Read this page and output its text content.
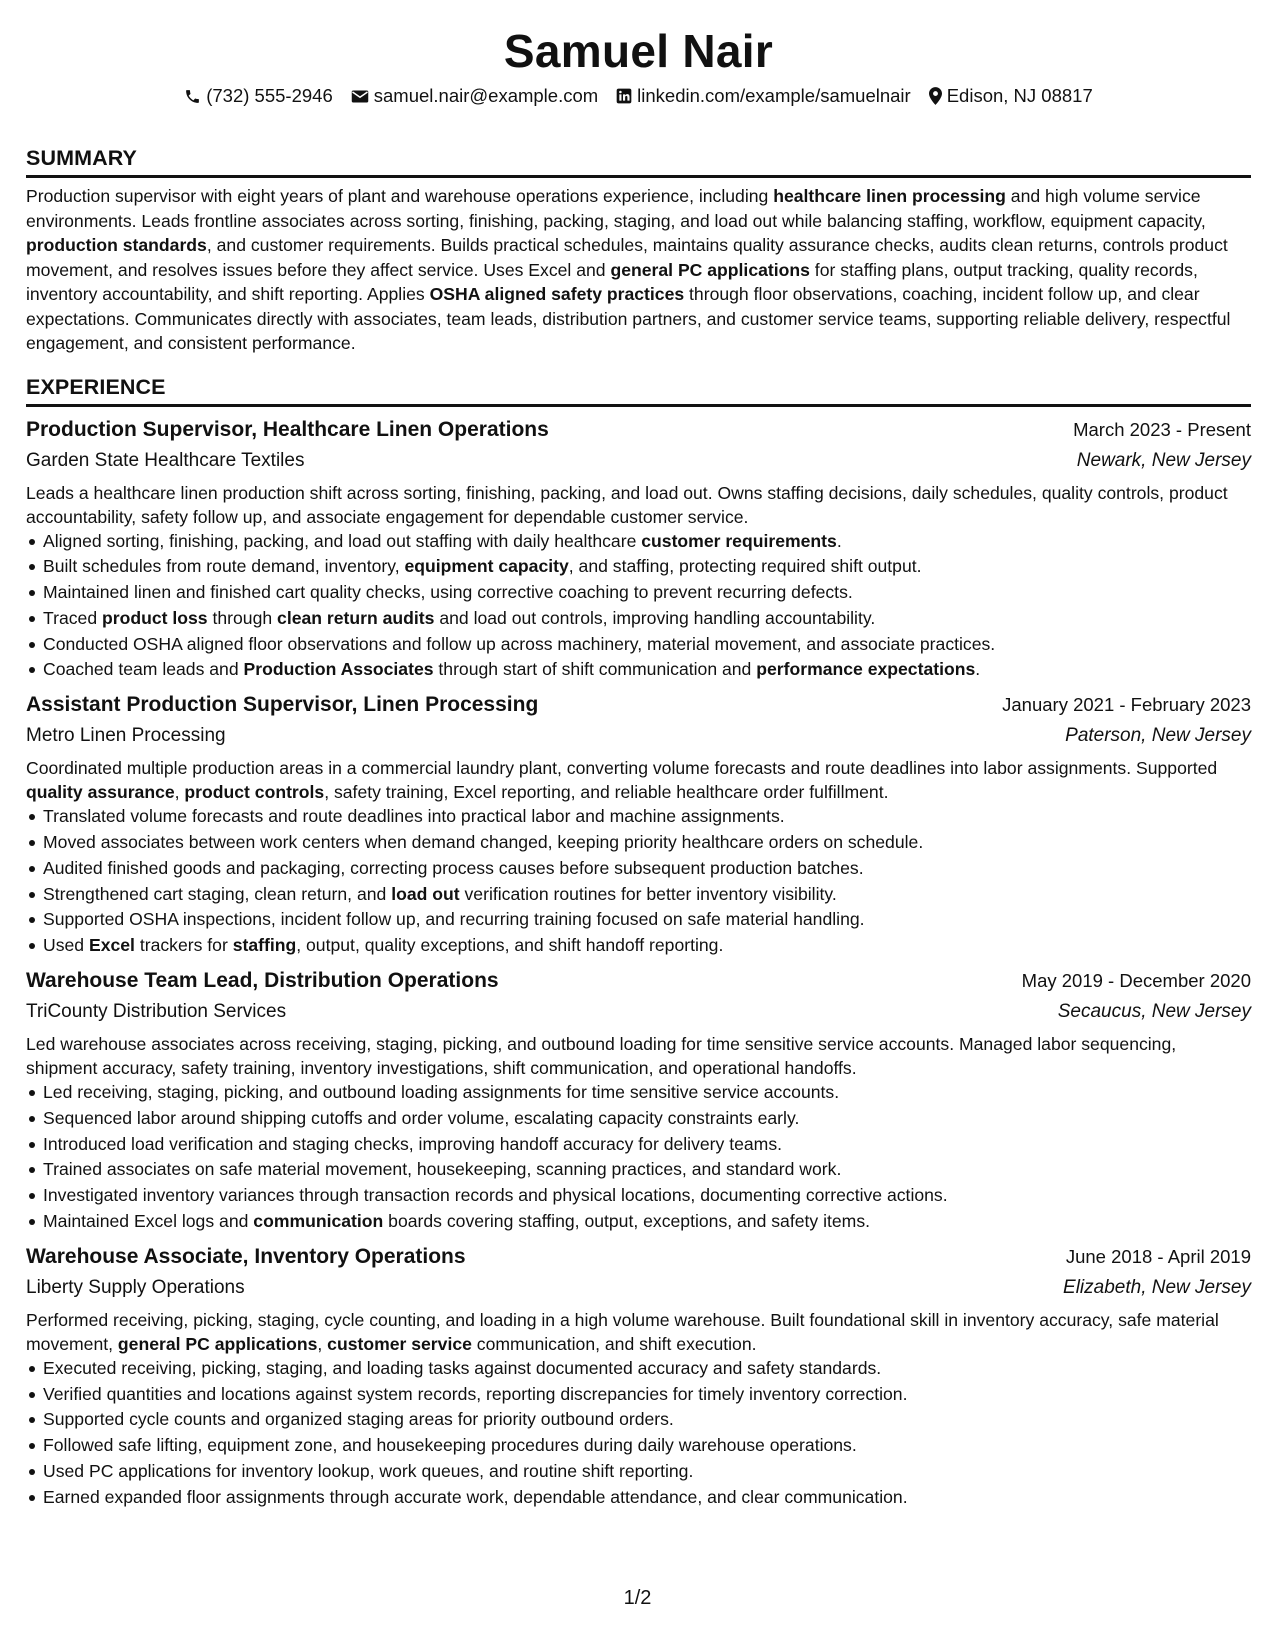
Samuel Nair
(732) 555-2946 samuel.nair@example.com linkedin.com/example/samuelnair Edison, NJ 08817
SUMMARY
Production supervisor with eight years of plant and warehouse operations experience, including healthcare linen processing and high volume service environments. Leads frontline associates across sorting, finishing, packing, staging, and load out while balancing staffing, workflow, equipment capacity, production standards, and customer requirements. Builds practical schedules, maintains quality assurance checks, audits clean returns, controls product movement, and resolves issues before they affect service. Uses Excel and general PC applications for staffing plans, output tracking, quality records, inventory accountability, and shift reporting. Applies OSHA aligned safety practices through floor observations, coaching, incident follow up, and clear expectations. Communicates directly with associates, team leads, distribution partners, and customer service teams, supporting reliable delivery, respectful engagement, and consistent performance.
EXPERIENCE
Production Supervisor, Healthcare Linen Operations	March 2023 - Present
Garden State Healthcare Textiles	Newark, New Jersey
Leads a healthcare linen production shift across sorting, finishing, packing, and load out. Owns staffing decisions, daily schedules, quality controls, product accountability, safety follow up, and associate engagement for dependable customer service.
Aligned sorting, finishing, packing, and load out staffing with daily healthcare customer requirements.
Built schedules from route demand, inventory, equipment capacity, and staffing, protecting required shift output.
Maintained linen and finished cart quality checks, using corrective coaching to prevent recurring defects.
Traced product loss through clean return audits and load out controls, improving handling accountability.
Conducted OSHA aligned floor observations and follow up across machinery, material movement, and associate practices.
Coached team leads and Production Associates through start of shift communication and performance expectations.
Assistant Production Supervisor, Linen Processing	January 2021 - February 2023
Metro Linen Processing	Paterson, New Jersey
Coordinated multiple production areas in a commercial laundry plant, converting volume forecasts and route deadlines into labor assignments. Supported quality assurance, product controls, safety training, Excel reporting, and reliable healthcare order fulfillment.
Translated volume forecasts and route deadlines into practical labor and machine assignments.
Moved associates between work centers when demand changed, keeping priority healthcare orders on schedule.
Audited finished goods and packaging, correcting process causes before subsequent production batches.
Strengthened cart staging, clean return, and load out verification routines for better inventory visibility.
Supported OSHA inspections, incident follow up, and recurring training focused on safe material handling.
Used Excel trackers for staffing, output, quality exceptions, and shift handoff reporting.
Warehouse Team Lead, Distribution Operations	May 2019 - December 2020
TriCounty Distribution Services	Secaucus, New Jersey
Led warehouse associates across receiving, staging, picking, and outbound loading for time sensitive service accounts. Managed labor sequencing, shipment accuracy, safety training, inventory investigations, shift communication, and operational handoffs.
Led receiving, staging, picking, and outbound loading assignments for time sensitive service accounts.
Sequenced labor around shipping cutoffs and order volume, escalating capacity constraints early.
Introduced load verification and staging checks, improving handoff accuracy for delivery teams.
Trained associates on safe material movement, housekeeping, scanning practices, and standard work.
Investigated inventory variances through transaction records and physical locations, documenting corrective actions.
Maintained Excel logs and communication boards covering staffing, output, exceptions, and safety items.
Warehouse Associate, Inventory Operations	June 2018 - April 2019
Liberty Supply Operations	Elizabeth, New Jersey
Performed receiving, picking, staging, cycle counting, and loading in a high volume warehouse. Built foundational skill in inventory accuracy, safe material movement, general PC applications, customer service communication, and shift execution.
Executed receiving, picking, staging, and loading tasks against documented accuracy and safety standards.
Verified quantities and locations against system records, reporting discrepancies for timely inventory correction.
Supported cycle counts and organized staging areas for priority outbound orders.
Followed safe lifting, equipment zone, and housekeeping procedures during daily warehouse operations.
Used PC applications for inventory lookup, work queues, and routine shift reporting.
Earned expanded floor assignments through accurate work, dependable attendance, and clear communication.
1/2
